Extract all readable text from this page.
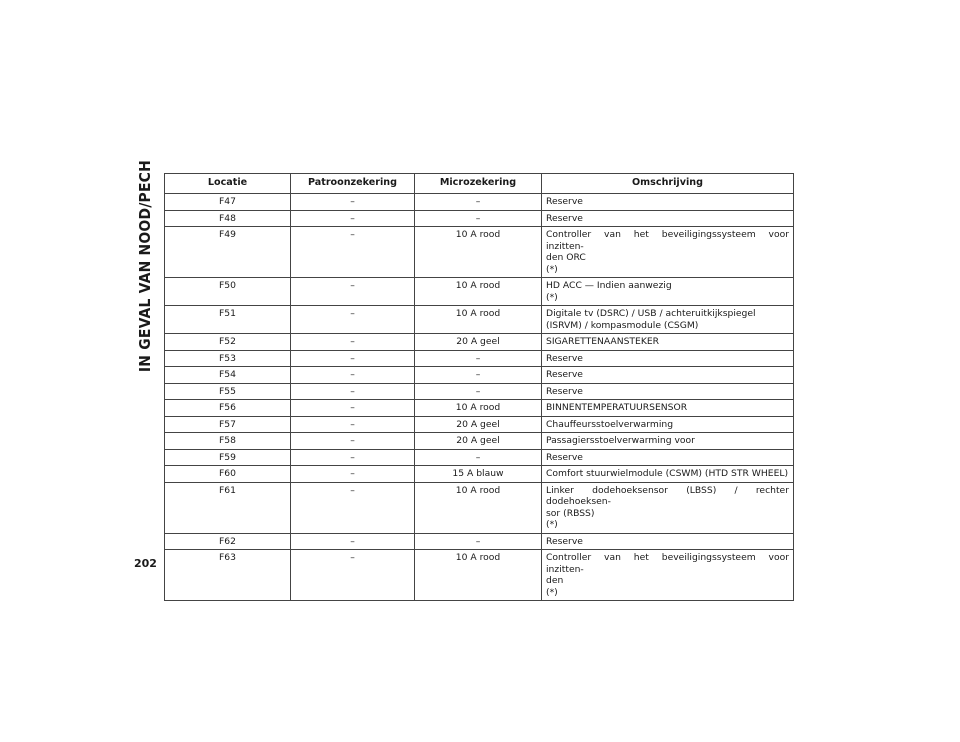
IN GEVAL VAN NOOD/PECH	Locatie	Patroonzekering	Microzekering	Omschrijving
F47	–	–	Reserve
F48	–	–	Reserve
F49	–	10 A rood	Controller van het beveiligingssysteem voor inzitten-
den ORC
(*)
F50	–	10 A rood	HD ACC — Indien aanwezig
(*)
F51	–	10 A rood	Digitale tv (DSRC) / USB / achteruitkijkspiegel
(ISRVM) / kompasmodule (CSGM)
F52	–	20 A geel	SIGARETTENAANSTEKER
F53	–	–	Reserve
F54	–	–	Reserve
F55	–	–	Reserve
F56	–	10 A rood	BINNENTEMPERATUURSENSOR
F57	–	20 A geel	Chauffeursstoelverwarming
F58	–	20 A geel	Passagiersstoelverwarming voor
F59	–	–	Reserve
F60	–	15 A blauw	Comfort stuurwielmodule (CSWM) (HTD STR WHEEL)
F61	–	10 A rood	Linker dodehoeksensor (LBSS) / rechter dodehoeksen-
sor (RBSS)
(*)
F62	–	–	Reserve
F63	–	10 A rood	Controller van het beveiligingssysteem voor inzitten-
den
(*)
202
